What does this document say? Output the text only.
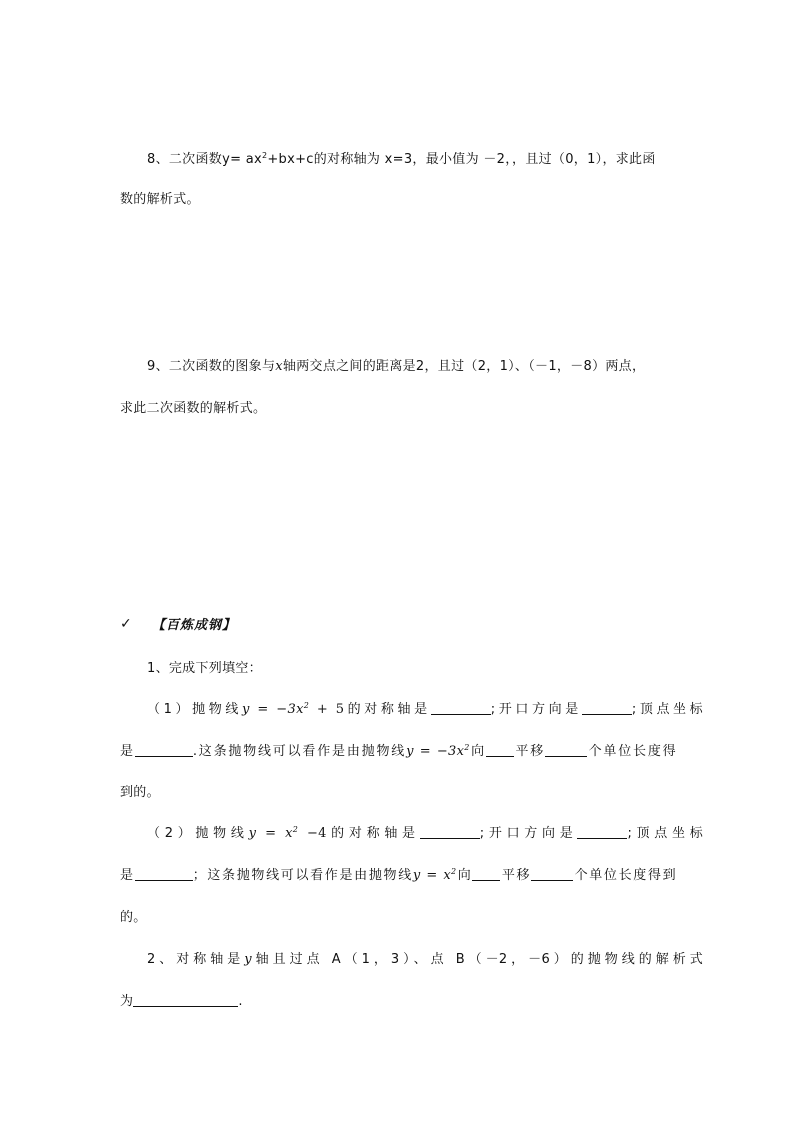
8、二次函数$y= ax^2+bx+c$的对称轴为 x=3，最小值为 －2，，且过（0，1），求此函
数的解析式。
9、二次函数的图象与x轴两交点之间的距离是2，且过（2，1）、（－1，－8）两点，
求此二次函数的解析式。
✓ 【百炼成钢】
1、完成下列填空：
（1）抛物线$y = -3x^2 + 5$的对称轴是	;开口方向是	;顶点坐标
是	.这条抛物线可以看作是由抛物线$y = -3x^2$向 平移	个单位长度得
到的。
（2）抛物线$y = x^2 -4$的对称轴是	;开口方向是	;顶点坐标
是	；这条抛物线可以看作是由抛物线$y = x^2$向 平移	个单位长度得到
的。
2、对称轴是y轴且过点 A（1，3）、点 B（－2，－6）的抛物线的解析式
为	.
